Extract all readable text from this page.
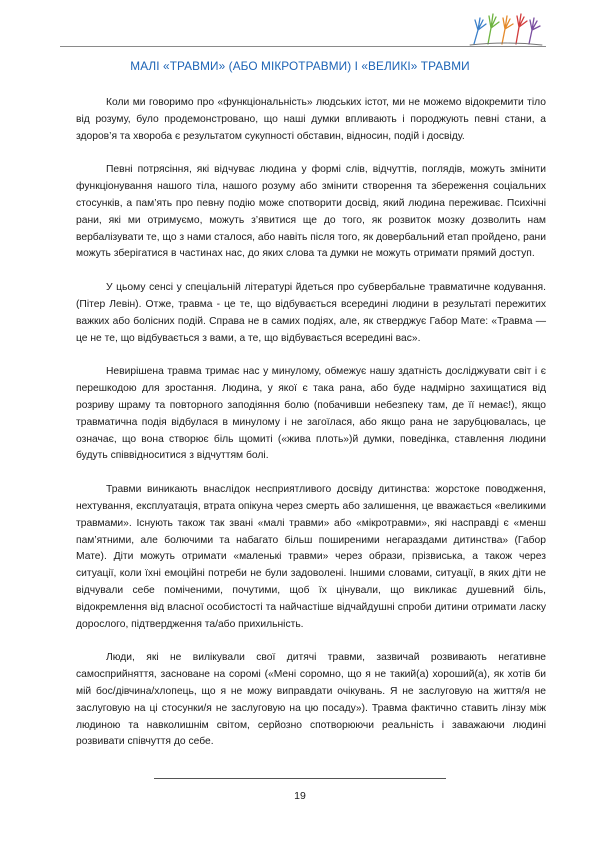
МАЛІ «ТРАВМИ» (АБО МІКРОТРАВМИ) І «ВЕЛИКІ» ТРАВМИ

Коли ми говоримо про «функціональність» людських істот, ми не можемо відокремити тіло від розуму, було продемонстровано, що наші думки впливають і породжують певні стани, а здоров’я та хвороба є результатом сукупності обставин, відносин, подій і досвіду.

Певні потрясіння, які відчуває людина у формі слів, відчуттів, поглядів, можуть змінити функціонування нашого тіла, нашого розуму або змінити створення та збереження соціальних стосунків, а пам’ять про певну подію може спотворити досвід, який людина переживає. Психічні рани, які ми отримуємо, можуть з’явитися ще до того, як розвиток мозку дозволить нам вербалізувати те, що з нами сталося, або навіть після того, як довербальний етап пройдено, рани можуть зберігатися в частинах нас, до яких слова та думки не можуть отримати прямий доступ.

У цьому сенсі у спеціальній літературі йдеться про субвербальне травматичне кодування. (Пітер Левін). Отже, травма - це те, що відбувається всередині людини в результаті пережитих важких або болісних подій. Справа не в самих подіях, але, як стверджує Габор Мате: «Травма — це не те, що відбувається з вами, а те, що відбувається всередині вас».

Невирішена травма тримає нас у минулому, обмежує нашу здатність досліджувати світ і є перешкодою для зростання. Людина, у якої є така рана, або буде надмірно захищатися від розриву шраму та повторного заподіяння болю (побачивши небезпеку там, де її немає!), якщо травматична подія відбулася в минулому і не загоїлася, або якщо рана не зарубцювалась, це означає, що вона створює біль щомиті («жива плоть»)й думки, поведінка, ставлення людини будуть співвідноситися з відчуттям болі.

Травми виникають внаслідок несприятливого досвіду дитинства: жорстоке поводження, нехтування, експлуатація, втрата опікуна через смерть або залишення, це вважається «великими травмами». Існують також так звані «малі травми» або «мікротравми», які насправді є «менш пам’ятними, але болючими та набагато більш поширеними негараздами дитинства» (Габор Мате). Діти можуть отримати «маленькі травми» через образи, прізвиська, а також через ситуації, коли їхні емоційні потреби не були задоволені. Іншими словами, ситуації, в яких діти не відчували себе поміченими, почутими, щоб їх цінували, що викликає душевний біль, відокремлення від власної особистості та найчастіше відчайдушні спроби дитини отримати ласку дорослого, підтвердження та/або прихильність.

Люди, які не вилікували свої дитячі травми, зазвичай розвивають негативне самосприйняття, засноване на соромі («Мені соромно, що я не такий(а) хороший(а), як хотів би мій бос/дівчина/хлопець, що я не можу виправдати очікувань. Я не заслуговую на життя/я не заслуговую на ці стосунки/я не заслуговую на цю посаду»). Травма фактично ставить лінзу між людиною та навколишнім світом, серйозно спотворюючи реальність і заважаючи людині розвивати співчуття до себе.

19
